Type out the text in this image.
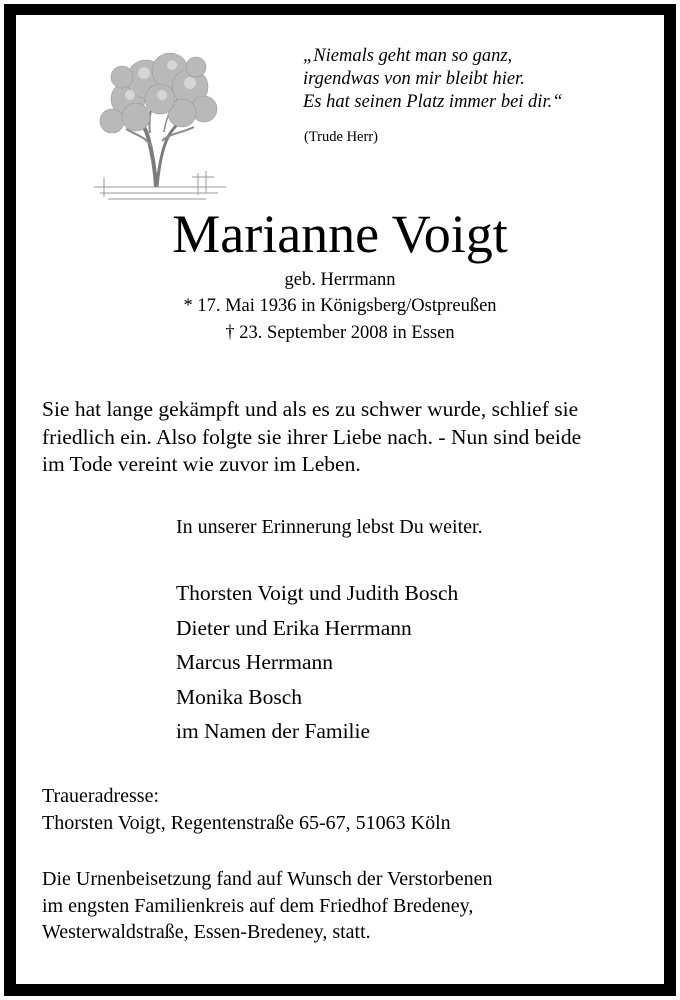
„Niemals geht man so ganz,
irgendwas von mir bleibt hier.
Es hat seinen Platz immer bei dir.“
(Trude Herr)
Marianne Voigt
geb. Herrmann
* 17. Mai 1936 in Königsberg/Ostpreußen
† 23. September 2008 in Essen
Sie hat lange gekämpft und als es zu schwer wurde, schlief sie
friedlich ein. Also folgte sie ihrer Liebe nach. - Nun sind beide
im Tode vereint wie zuvor im Leben.
In unserer Erinnerung lebst Du weiter.
Thorsten Voigt und Judith Bosch
Dieter und Erika Herrmann
Marcus Herrmann
Monika Bosch
im Namen der Familie
Traueradresse:
Thorsten Voigt, Regentenstraße 65-67, 51063 Köln
Die Urnenbeisetzung fand auf Wunsch der Verstorbenen
im engsten Familienkreis auf dem Friedhof Bredeney,
Westerwaldstraße, Essen-Bredeney, statt.
